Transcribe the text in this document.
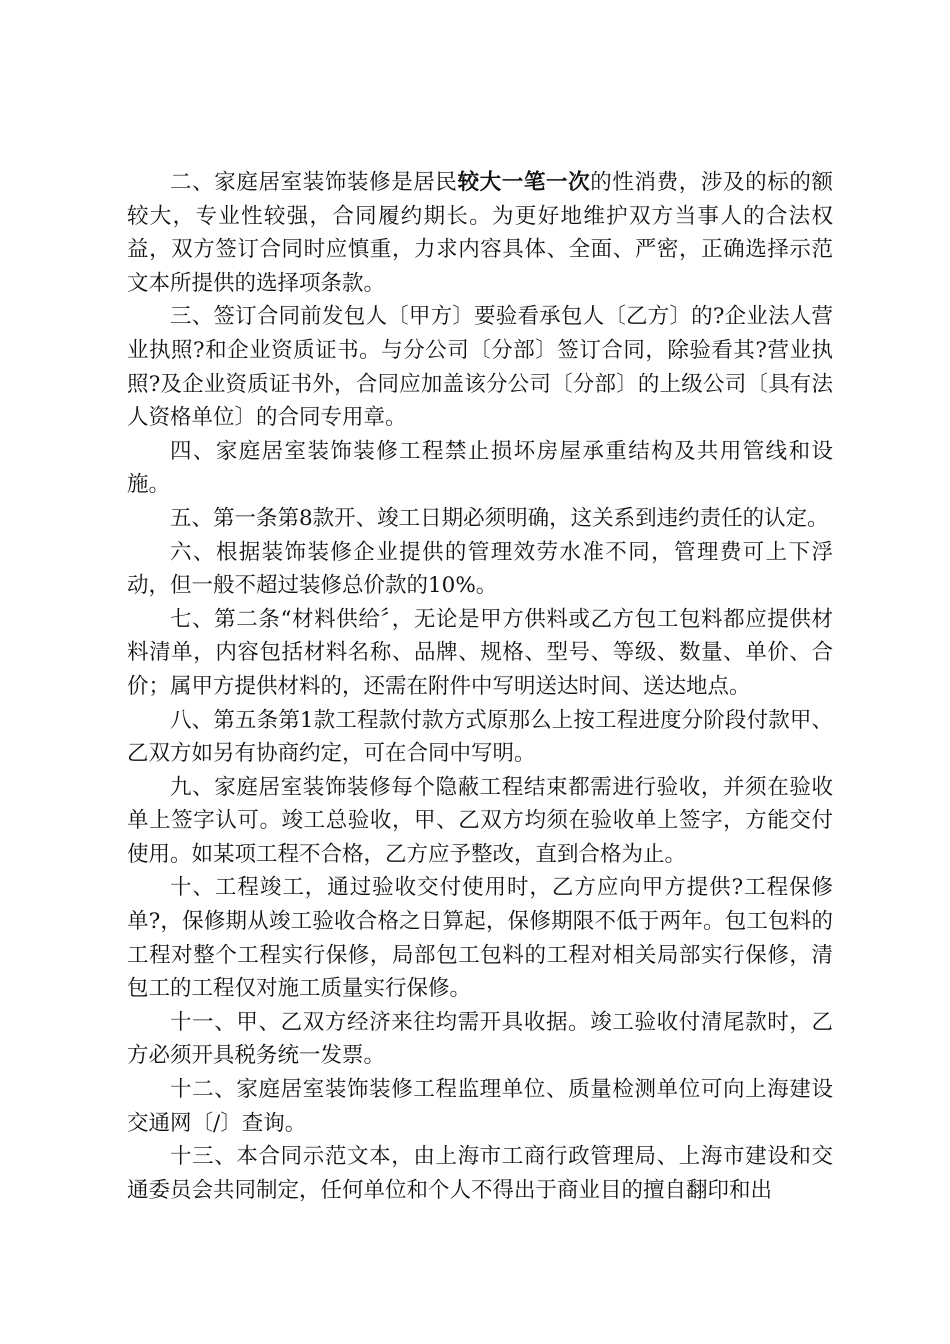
二、家庭居室装饰装修是居民较大一笔一次的性消费，涉及的标的额较大，专业性较强，合同履约期长。为更好地维护双方当事人的合法权益，双方签订合同时应慎重，力求内容具体、全面、严密，正确选择示范文本所提供的选择项条款。

三、签订合同前发包人〔甲方〕要验看承包人〔乙方〕的?企业法人营业执照?和企业资质证书。与分公司〔分部〕签订合同，除验看其?营业执照?及企业资质证书外，合同应加盖该分公司〔分部〕的上级公司〔具有法人资格单位〕的合同专用章。

四、家庭居室装饰装修工程禁止损坏房屋承重结构及共用管线和设施。

五、第一条第8款开、竣工日期必须明确，这关系到违约责任的认定。

六、根据装饰装修企业提供的管理效劳水准不同，管理费可上下浮动，但一般不超过装修总价款的10%。

七、第二条“材料供给〞，无论是甲方供料或乙方包工包料都应提供材料清单，内容包括材料名称、品牌、规格、型号、等级、数量、单价、合价；属甲方提供材料的，还需在附件中写明送达时间、送达地点。

八、第五条第1款工程款付款方式原那么上按工程进度分阶段付款甲、乙双方如另有协商约定，可在合同中写明。

九、家庭居室装饰装修每个隐蔽工程结束都需进行验收，并须在验收单上签字认可。竣工总验收，甲、乙双方均须在验收单上签字，方能交付使用。如某项工程不合格，乙方应予整改，直到合格为止。

十、工程竣工，通过验收交付使用时，乙方应向甲方提供?工程保修单?，保修期从竣工验收合格之日算起，保修期限不低于两年。包工包料的工程对整个工程实行保修，局部包工包料的工程对相关局部实行保修，清包工的工程仅对施工质量实行保修。

十一、甲、乙双方经济来往均需开具收据。竣工验收付清尾款时，乙方必须开具税务统一发票。

十二、家庭居室装饰装修工程监理单位、质量检测单位可向上海建设交通网〔/〕查询。

十三、本合同示范文本，由上海市工商行政管理局、上海市建设和交通委员会共同制定，任何单位和个人不得出于商业目的擅自翻印和出
